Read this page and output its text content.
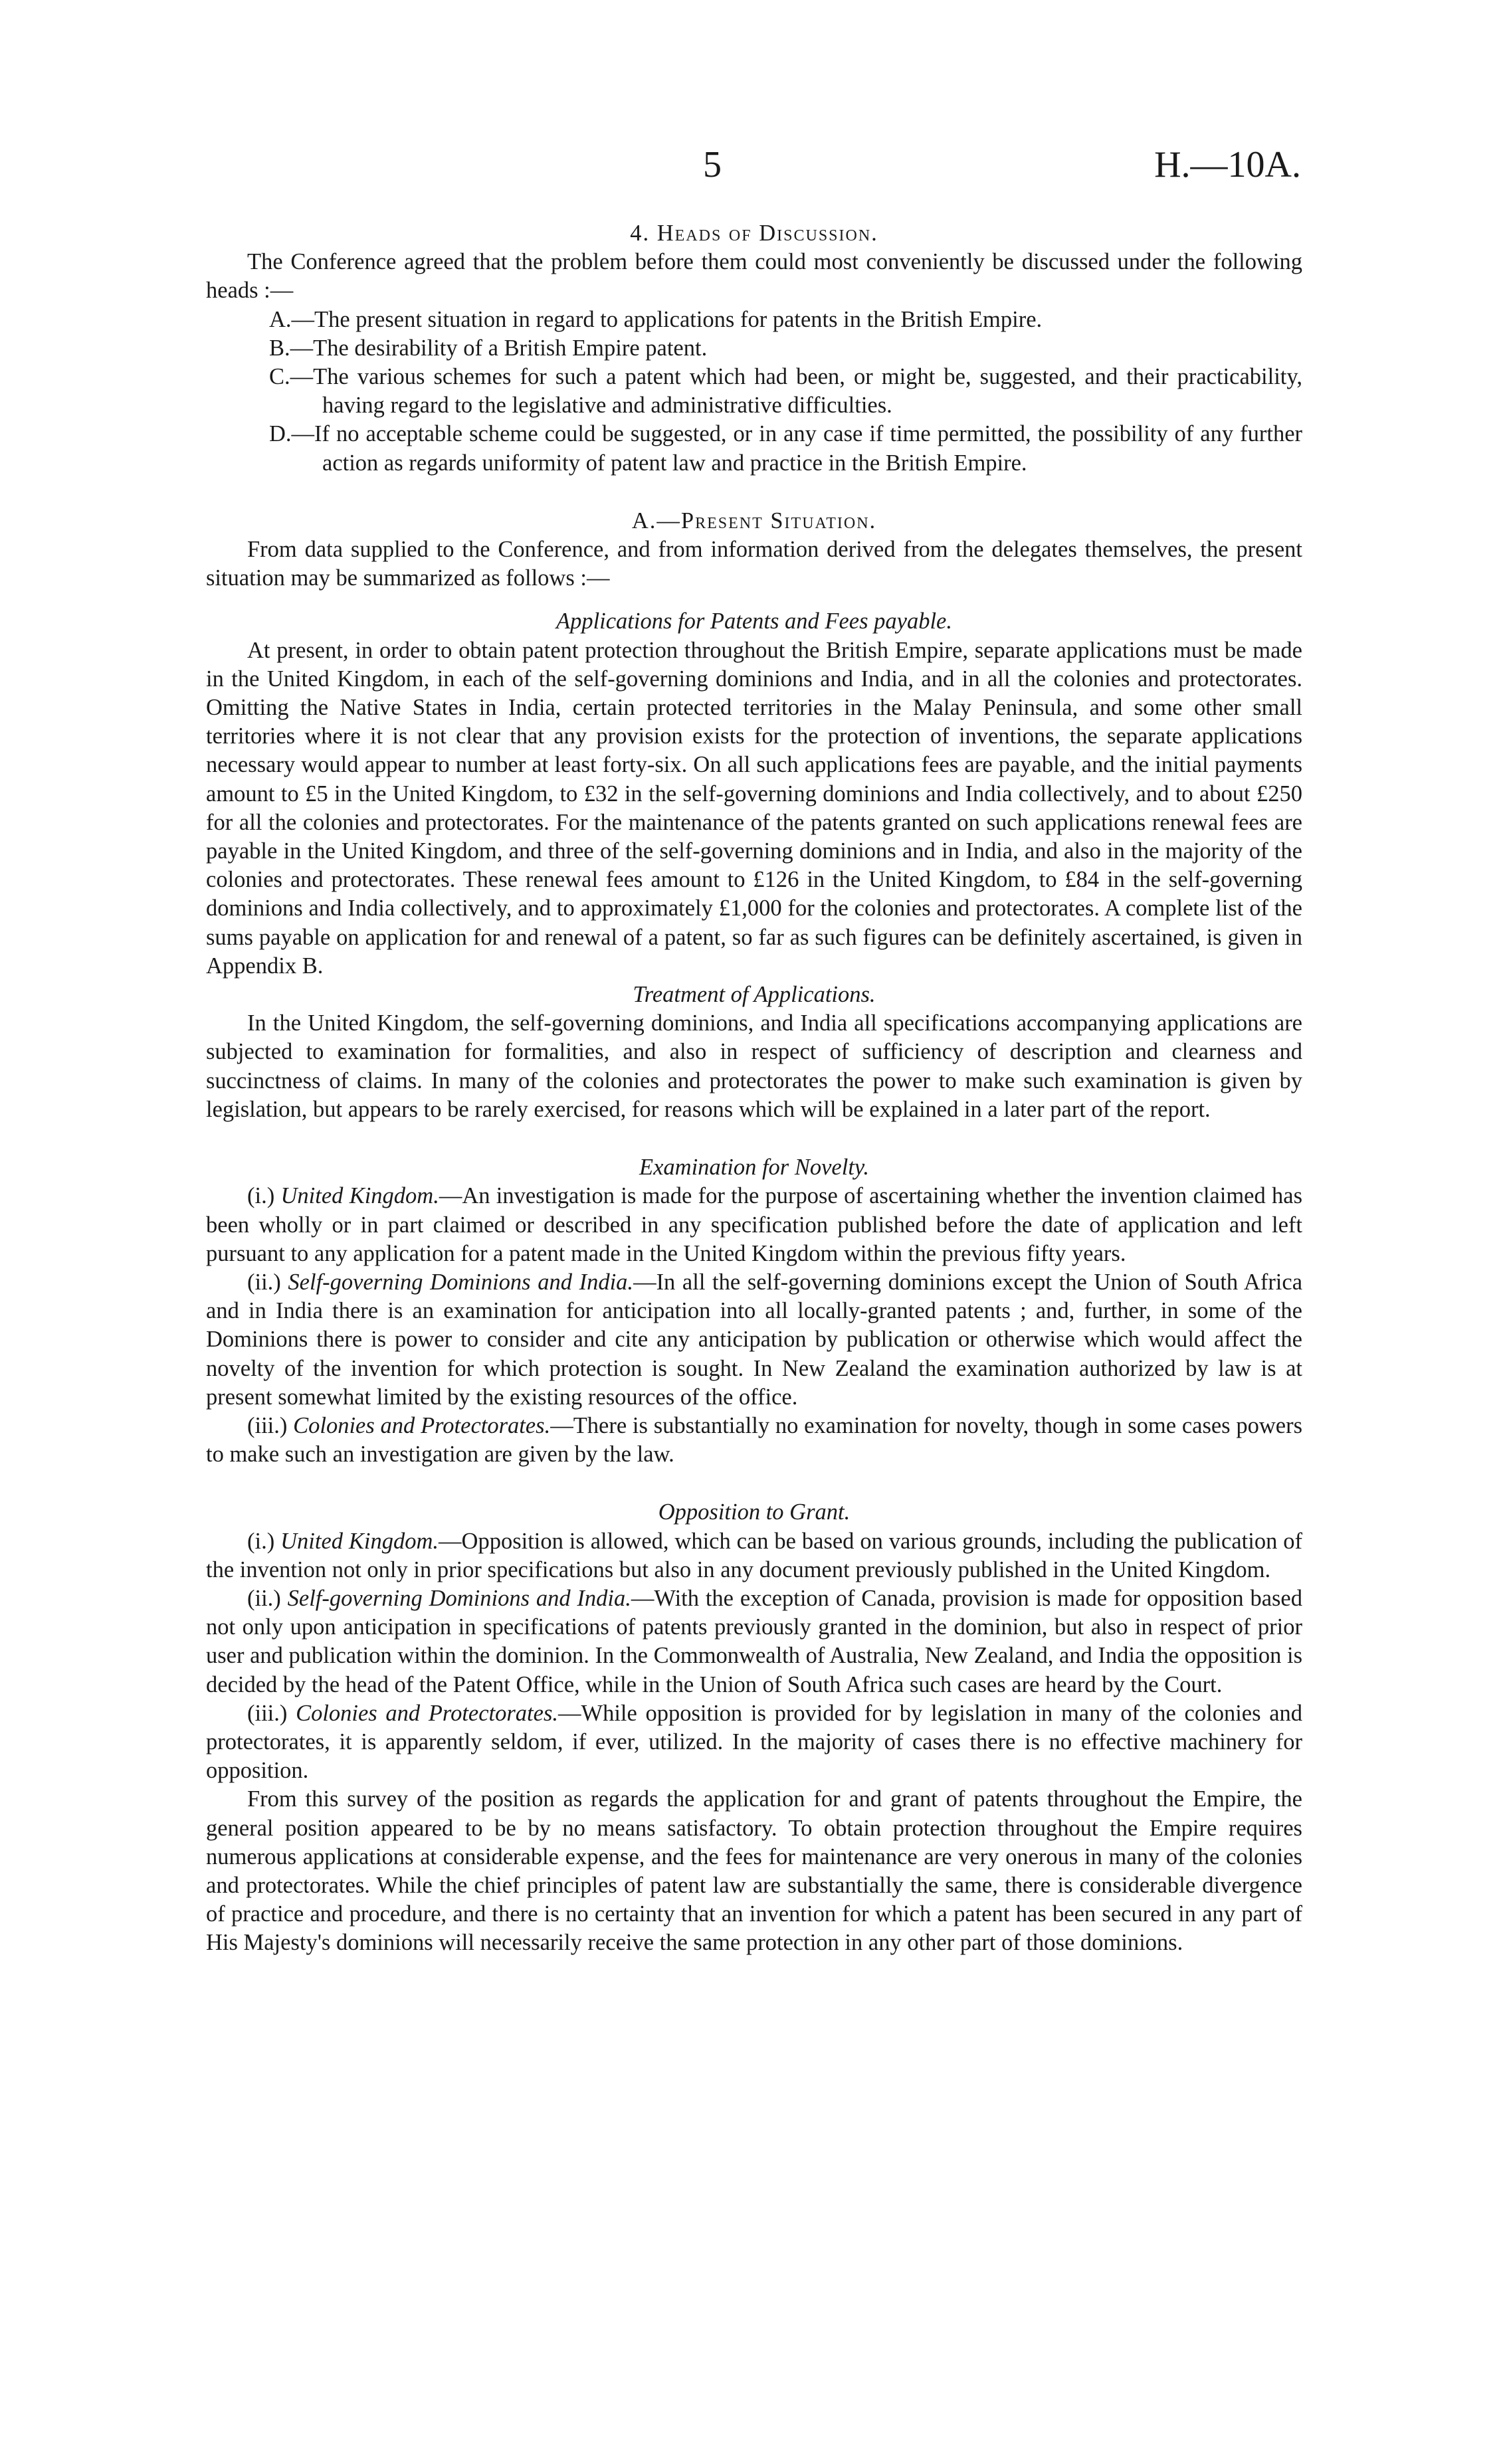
5	H.—10A.

4. Heads of Discussion.

The Conference agreed that the problem before them could most conveniently be discussed under the following heads :—

A.—The present situation in regard to applications for patents in the British Empire.

B.—The desirability of a British Empire patent.

C.—The various schemes for such a patent which had been, or might be, suggested, and their practicability, having regard to the legislative and administrative difficulties.

D.—If no acceptable scheme could be suggested, or in any case if time permitted, the possibility of any further action as regards uniformity of patent law and practice in the British Empire.

A.—Present Situation.

From data supplied to the Conference, and from information derived from the delegates themselves, the present situation may be summarized as follows :—

Applications for Patents and Fees payable.

At present, in order to obtain patent protection throughout the British Empire, separate applications must be made in the United Kingdom, in each of the self-governing dominions and India, and in all the colonies and protectorates. Omitting the Native States in India, certain protected territories in the Malay Peninsula, and some other small territories where it is not clear that any provision exists for the protection of inventions, the separate applications necessary would appear to number at least forty-six. On all such applications fees are payable, and the initial payments amount to £5 in the United Kingdom, to £32 in the self-governing dominions and India collectively, and to about £250 for all the colonies and protectorates. For the maintenance of the patents granted on such applications renewal fees are payable in the United Kingdom, and three of the self-governing dominions and in India, and also in the majority of the colonies and protectorates. These renewal fees amount to £126 in the United Kingdom, to £84 in the self-governing dominions and India collectively, and to approximately £1,000 for the colonies and protectorates. A complete list of the sums payable on application for and renewal of a patent, so far as such figures can be definitely ascertained, is given in Appendix B.

Treatment of Applications.

In the United Kingdom, the self-governing dominions, and India all specifications accompanying applications are subjected to examination for formalities, and also in respect of sufficiency of description and clearness and succinctness of claims. In many of the colonies and protectorates the power to make such examination is given by legislation, but appears to be rarely exercised, for reasons which will be explained in a later part of the report.

Examination for Novelty.

(i.) United Kingdom.—An investigation is made for the purpose of ascertaining whether the invention claimed has been wholly or in part claimed or described in any specification published before the date of application and left pursuant to any application for a patent made in the United Kingdom within the previous fifty years.

(ii.) Self-governing Dominions and India.—In all the self-governing dominions except the Union of South Africa and in India there is an examination for anticipation into all locally-granted patents ; and, further, in some of the Dominions there is power to consider and cite any anticipation by publication or otherwise which would affect the novelty of the invention for which protection is sought. In New Zealand the examination authorized by law is at present somewhat limited by the existing resources of the office.

(iii.) Colonies and Protectorates.—There is substantially no examination for novelty, though in some cases powers to make such an investigation are given by the law.

Opposition to Grant.

(i.) United Kingdom.—Opposition is allowed, which can be based on various grounds, including the publication of the invention not only in prior specifications but also in any document previously published in the United Kingdom.

(ii.) Self-governing Dominions and India.—With the exception of Canada, provision is made for opposition based not only upon anticipation in specifications of patents previously granted in the dominion, but also in respect of prior user and publication within the dominion. In the Commonwealth of Australia, New Zealand, and India the opposition is decided by the head of the Patent Office, while in the Union of South Africa such cases are heard by the Court.

(iii.) Colonies and Protectorates.—While opposition is provided for by legislation in many of the colonies and protectorates, it is apparently seldom, if ever, utilized. In the majority of cases there is no effective machinery for opposition.

From this survey of the position as regards the application for and grant of patents throughout the Empire, the general position appeared to be by no means satisfactory. To obtain protection throughout the Empire requires numerous applications at considerable expense, and the fees for maintenance are very onerous in many of the colonies and protectorates. While the chief principles of patent law are substantially the same, there is considerable divergence of practice and procedure, and there is no certainty that an invention for which a patent has been secured in any part of His Majesty's dominions will necessarily receive the same protection in any other part of those dominions.
